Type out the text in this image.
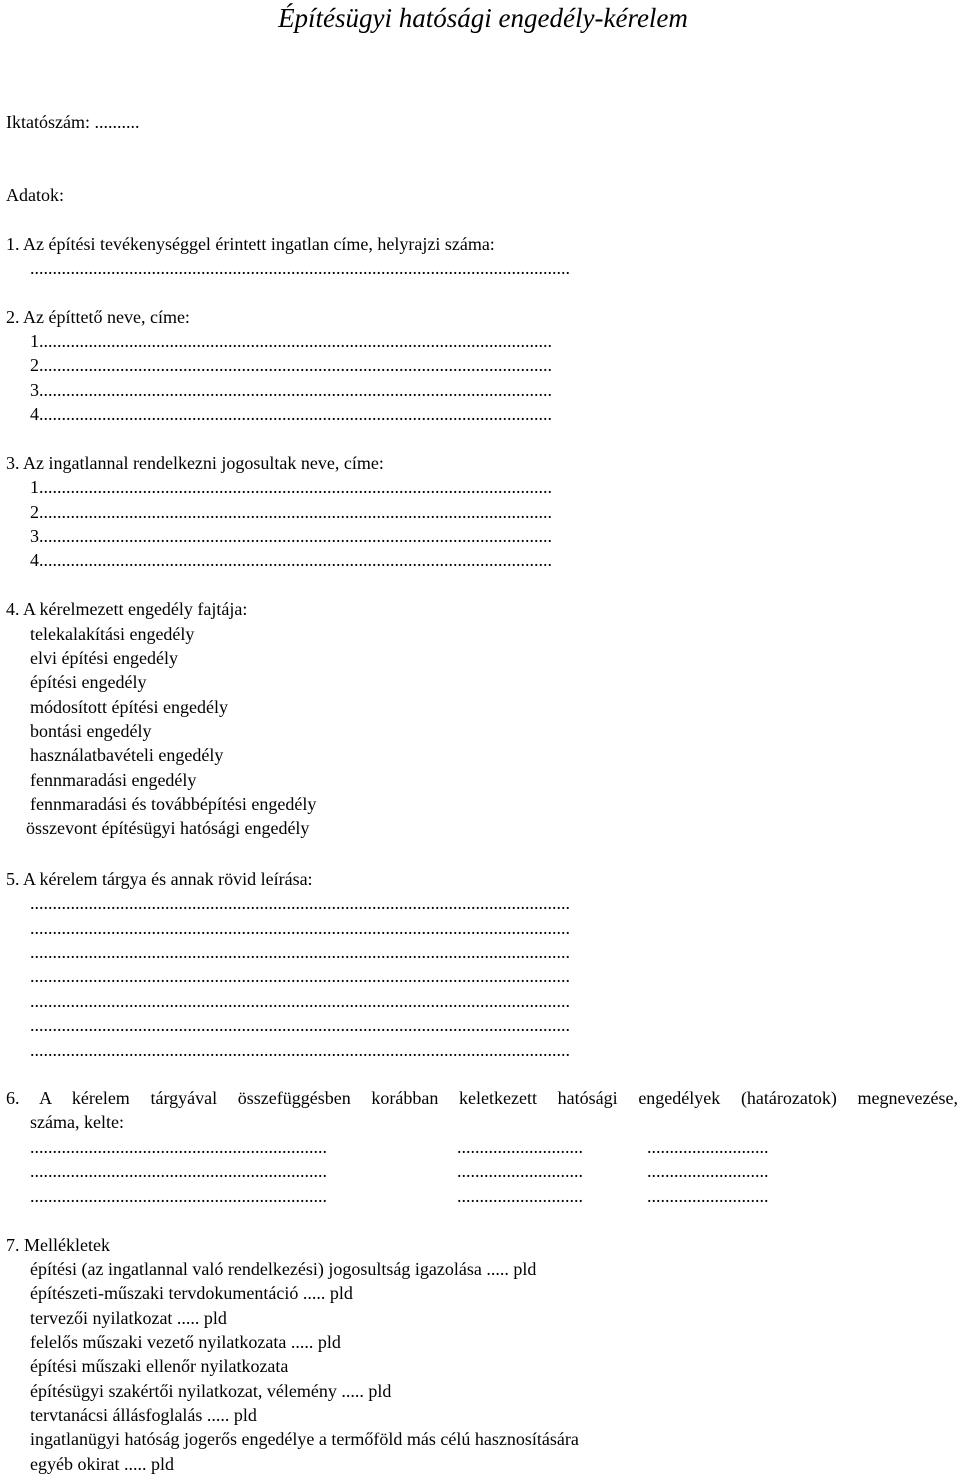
Építésügyi hatósági engedély-kérelem
Iktatószám: ..........
Adatok:
1. Az építési tevékenységgel érintett ingatlan címe, helyrajzi száma:
........................................................................................................................
2. Az építtető neve, címe:
1..................................................................................................................
2..................................................................................................................
3..................................................................................................................
4..................................................................................................................
3. Az ingatlannal rendelkezni jogosultak neve, címe:
1..................................................................................................................
2..................................................................................................................
3..................................................................................................................
4..................................................................................................................
4. A kérelmezett engedély fajtája:
telekalakítási engedély
elvi építési engedély
építési engedély
módosított építési engedély
bontási engedély
használatbavételi engedély
fennmaradási engedély
fennmaradási és továbbépítési engedély
összevont építésügyi hatósági engedély
5. A kérelem tárgya és annak rövid leírása:
........................................................................................................................
........................................................................................................................
........................................................................................................................
........................................................................................................................
........................................................................................................................
........................................................................................................................
........................................................................................................................
6. A kérelem tárgyával összefüggésben korábban keletkezett hatósági engedélyek (határozatok) megnevezése,
száma, kelte:
..................................................................	............................	...........................
..................................................................	............................	...........................
..................................................................	............................	...........................
7. Mellékletek
építési (az ingatlannal való rendelkezési) jogosultság igazolása ..... pld
építészeti-műszaki tervdokumentáció ..... pld
tervezői nyilatkozat ..... pld
felelős műszaki vezető nyilatkozata ..... pld
építési műszaki ellenőr nyilatkozata
építésügyi szakértői nyilatkozat, vélemény ..... pld
tervtanácsi állásfoglalás ..... pld
ingatlanügyi hatóság jogerős engedélye a termőföld más célú hasznosítására
egyéb okirat ..... pld
